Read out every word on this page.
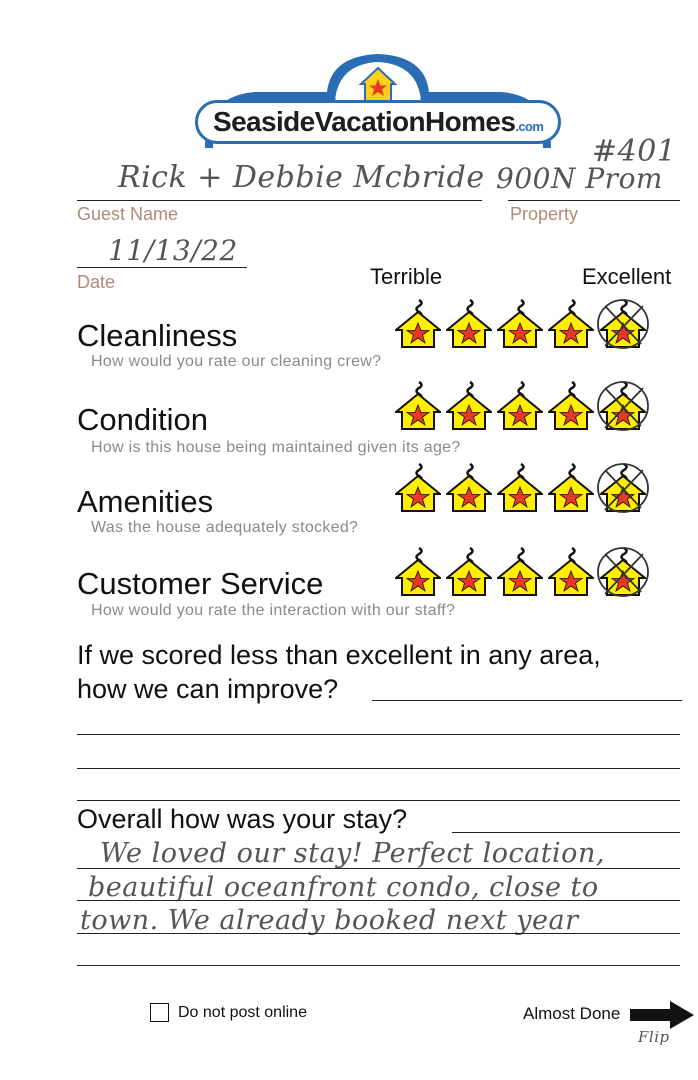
SeasideVacationHomes.com
#401
Rick + Debbie Mcbride 900N Prom
Guest Name	Property
11/13/22
Date	Terrible	Excellent
Cleanliness
How would you rate our cleaning crew?
Condition
How is this house being maintained given its age?
Amenities
Was the house adequately stocked?
Customer Service
How would you rate the interaction with our staff?
If we scored less than excellent in any area,
how we can improve?
Overall how was your stay?
We loved our stay! Perfect location,
beautiful oceanfront condo, close to
town. We already booked next year
Do not post online	Almost Done
Flip
